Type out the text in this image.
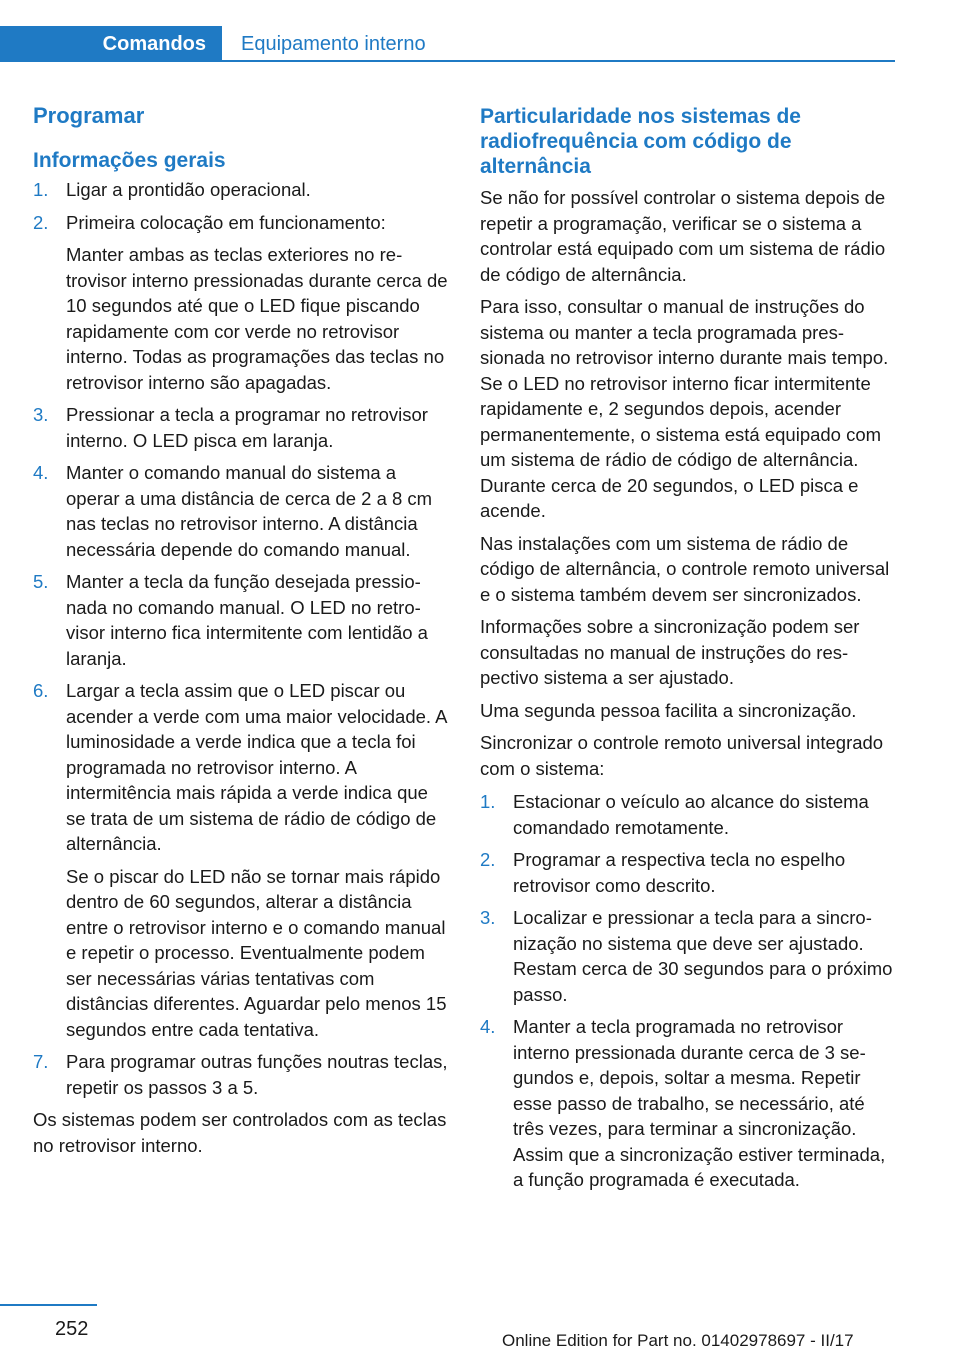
Comandos	Equipamento interno
Programar
Informações gerais
1. Ligar a prontidão operacional.
2. Primeira colocação em funcionamento:
Manter ambas as teclas exteriores no retrovisor interno pressionadas durante cerca de 10 segundos até que o LED fique piscando rapidamente com cor verde no retrovisor interno. Todas as programações das teclas no retrovisor interno são apagadas.
3. Pressionar a tecla a programar no retrovisor interno. O LED pisca em laranja.
4. Manter o comando manual do sistema a operar a uma distância de cerca de 2 a 8 cm nas teclas no retrovisor interno. A distância necessária depende do comando manual.
5. Manter a tecla da função desejada pressionada no comando manual. O LED no retrovisor interno fica intermitente com lentidão a laranja.
6. Largar a tecla assim que o LED piscar ou acender a verde com uma maior velocidade. A luminosidade a verde indica que a tecla foi programada no retrovisor interno. A intermitência mais rápida a verde indica que se trata de um sistema de rádio de código de alternância.
Se o piscar do LED não se tornar mais rápido dentro de 60 segundos, alterar a distância entre o retrovisor interno e o comando manual e repetir o processo. Eventualmente podem ser necessárias várias tentativas com distâncias diferentes. Aguardar pelo menos 15 segundos entre cada tentativa.
7. Para programar outras funções noutras teclas, repetir os passos 3 a 5.

Os sistemas podem ser controlados com as teclas no retrovisor interno.

Particularidade nos sistemas de radiofrequência com código de alternância

Se não for possível controlar o sistema depois de repetir a programação, verificar se o sistema a controlar está equipado com um sistema de rádio de código de alternância.

Para isso, consultar o manual de instruções do sistema ou manter a tecla programada pressionada no retrovisor interno durante mais tempo. Se o LED no retrovisor interno ficar intermitente rapidamente e, 2 segundos depois, acender permanentemente, o sistema está equipado com um sistema de rádio de código de alternância. Durante cerca de 20 segundos, o LED pisca e acende.

Nas instalações com um sistema de rádio de código de alternância, o controle remoto universal e o sistema também devem ser sincronizados.

Informações sobre a sincronização podem ser consultadas no manual de instruções do respectivo sistema a ser ajustado.

Uma segunda pessoa facilita a sincronização.

Sincronizar o controle remoto universal integrado com o sistema:

1. Estacionar o veículo ao alcance do sistema comandado remotamente.
2. Programar a respectiva tecla no espelho retrovisor como descrito.
3. Localizar e pressionar a tecla para a sincronização no sistema que deve ser ajustado. Restam cerca de 30 segundos para o próximo passo.
4. Manter a tecla programada no retrovisor interno pressionada durante cerca de 3 segundos e, depois, soltar a mesma. Repetir esse passo de trabalho, se necessário, até três vezes, para terminar a sincronização. Assim que a sincronização estiver terminada, a função programada é executada.
252
Online Edition for Part no. 01402978697 - II/17
